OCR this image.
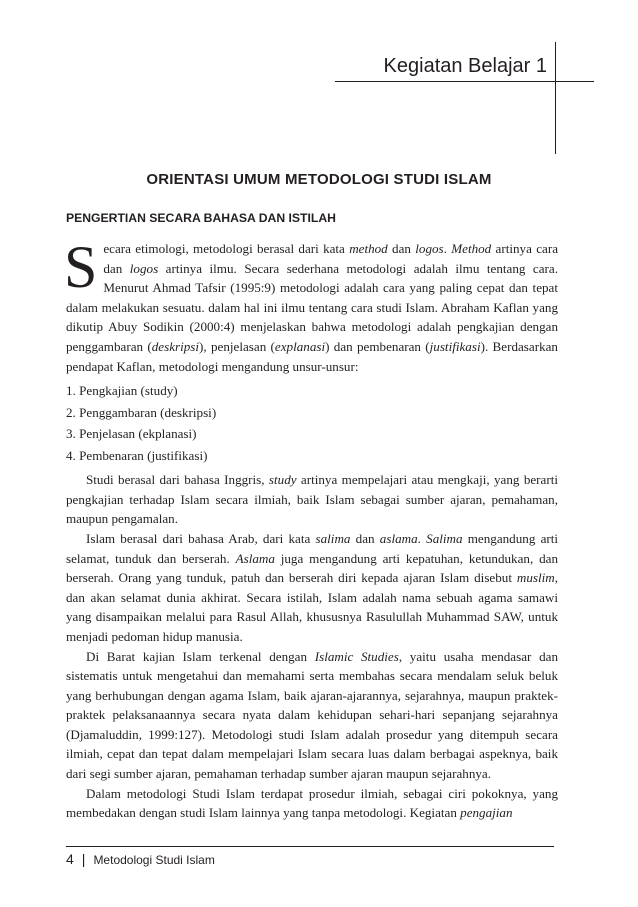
Kegiatan Belajar 1
ORIENTASI UMUM METODOLOGI STUDI ISLAM
PENGERTIAN SECARA BAHASA DAN ISTILAH

Secara etimologi, metodologi berasal dari kata method dan logos. Method artinya cara dan logos artinya ilmu. Secara sederhana metodologi adalah ilmu tentang cara. Menurut Ahmad Tafsir (1995:9) metodologi adalah cara yang paling cepat dan tepat dalam melakukan sesuatu. dalam hal ini ilmu tentang cara studi Islam. Abraham Kaflan yang dikutip Abuy Sodikin (2000:4) menjelaskan bahwa metodologi adalah pengkajian dengan penggambaran (deskripsi), penjelasan (explanasi) dan pembenaran (justifikasi). Berdasarkan pendapat Kaflan, metodologi mengandung unsur-unsur:

1. Pengkajian (study)
2. Penggambaran (deskripsi)
3. Penjelasan (ekplanasi)
4. Pembenaran (justifikasi)

Studi berasal dari bahasa Inggris, study artinya mempelajari atau mengkaji, yang berarti pengkajian terhadap Islam secara ilmiah, baik Islam sebagai sumber ajaran, pemahaman, maupun pengamalan.

Islam berasal dari bahasa Arab, dari kata salima dan aslama. Salima mengandung arti selamat, tunduk dan berserah. Aslama juga mengandung arti kepatuhan, ketundukan, dan berserah. Orang yang tunduk, patuh dan berserah diri kepada ajaran Islam disebut muslim, dan akan selamat dunia akhirat. Secara istilah, Islam adalah nama sebuah agama samawi yang disampaikan melalui para Rasul Allah, khususnya Rasulullah Muhammad SAW, untuk menjadi pedoman hidup manusia.

Di Barat kajian Islam terkenal dengan Islamic Studies, yaitu usaha mendasar dan sistematis untuk mengetahui dan memahami serta membahas secara mendalam seluk beluk yang berhubungan dengan agama Islam, baik ajaran-ajarannya, sejarahnya, maupun praktek-praktek pelaksanaannya secara nyata dalam kehidupan sehari-hari sepanjang sejarahnya (Djamaluddin, 1999:127). Metodologi studi Islam adalah prosedur yang ditempuh secara ilmiah, cepat dan tepat dalam mempelajari Islam secara luas dalam berbagai aspeknya, baik dari segi sumber ajaran, pemahaman terhadap sumber ajaran maupun sejarahnya.

Dalam metodologi Studi Islam terdapat prosedur ilmiah, sebagai ciri pokoknya, yang membedakan dengan studi Islam lainnya yang tanpa metodologi. Kegiatan pengajian

4 | Metodologi Studi Islam
